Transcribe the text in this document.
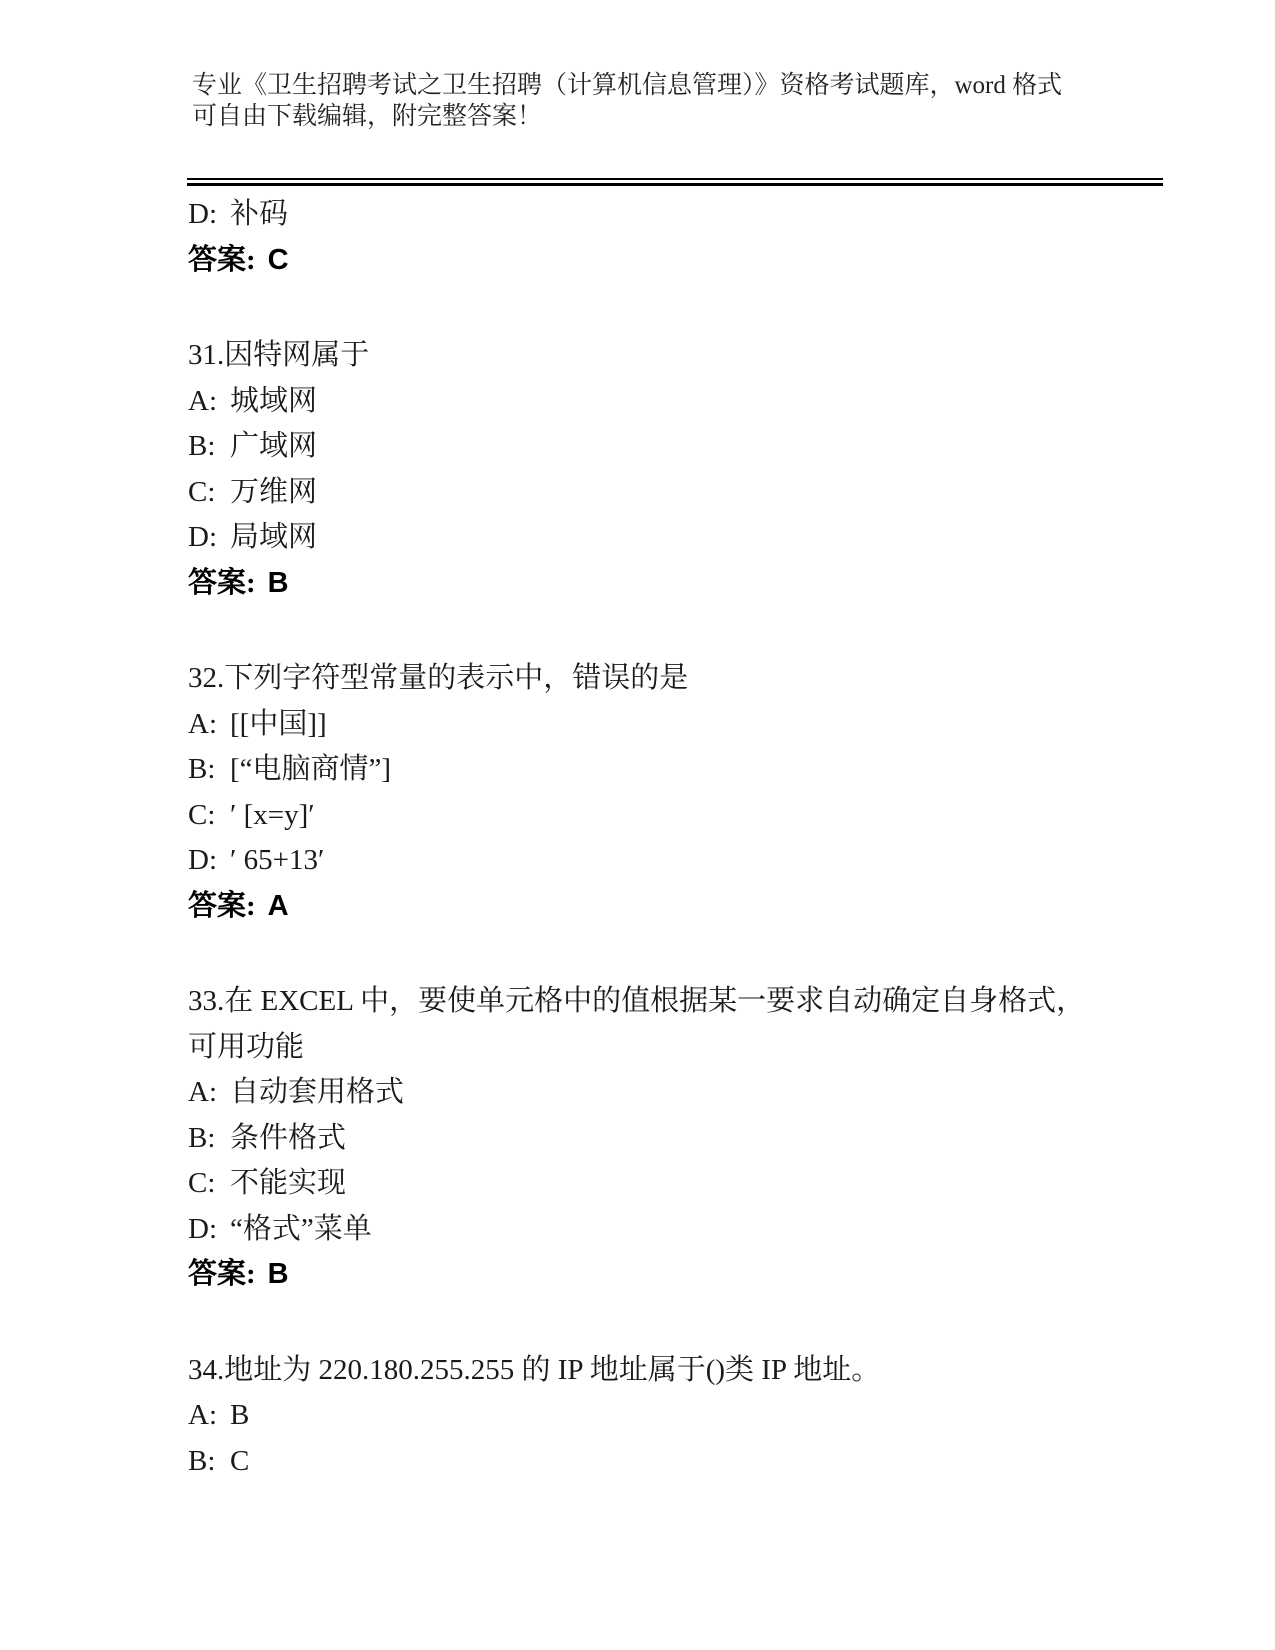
专业《卫生招聘考试之卫生招聘（计算机信息管理）》资格考试题库，word 格式

可自由下载编辑，附完整答案！

D: 补码

答案: C

31.因特网属于

A: 城域网

B: 广域网

C: 万维网

D: 局域网

答案: B

32.下列字符型常量的表示中，错误的是

A: [[中国]]

B: [“电脑商情”]

C: ′ [x=y]′

D: ′ 65+13′

答案: A

33.在 EXCEL 中，要使单元格中的值根据某一要求自动确定自身格式，可用功能

A: 自动套用格式

B: 条件格式

C: 不能实现

D: “格式”菜单

答案: B

34.地址为 220.180.255.255 的 IP 地址属于()类 IP 地址。

A: B

B: C
